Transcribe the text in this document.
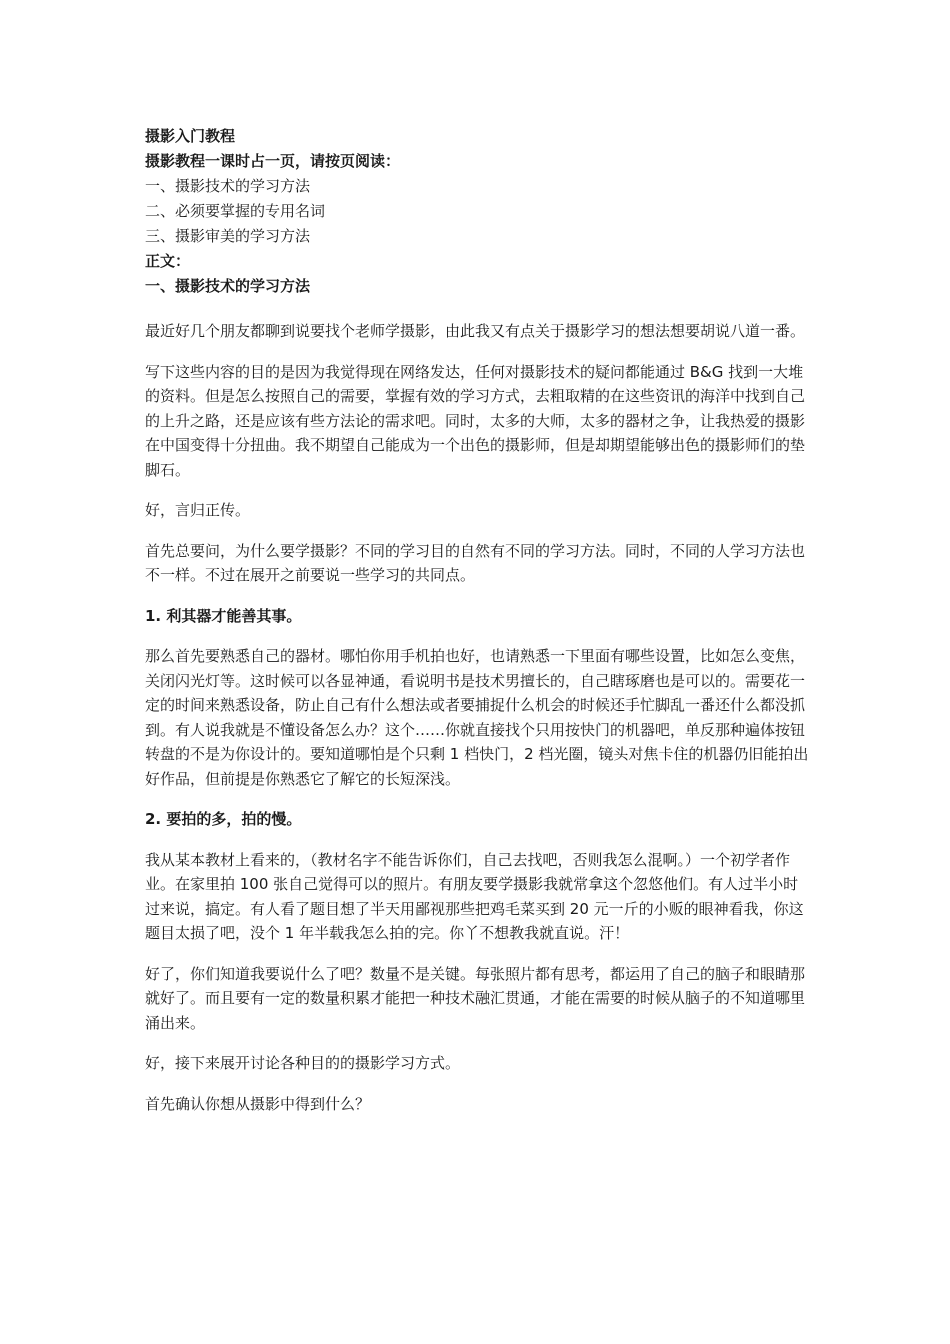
摄影入门教程

摄影教程一课时占一页，请按页阅读：

一、摄影技术的学习方法

二、必须要掌握的专用名词

三、摄影审美的学习方法

正文：

一、摄影技术的学习方法

最近好几个朋友都聊到说要找个老师学摄影，由此我又有点关于摄影学习的想法想要胡说八道一番。

写下这些内容的目的是因为我觉得现在网络发达，任何对摄影技术的疑问都能通过 B&G 找到一大堆的资料。但是怎么按照自己的需要，掌握有效的学习方式，去粗取精的在这些资讯的海洋中找到自己的上升之路，还是应该有些方法论的需求吧。同时，太多的大师，太多的器材之争，让我热爱的摄影在中国变得十分扭曲。我不期望自己能成为一个出色的摄影师，但是却期望能够出色的摄影师们的垫脚石。

好，言归正传。

首先总要问，为什么要学摄影？不同的学习目的自然有不同的学习方法。同时，不同的人学习方法也不一样。不过在展开之前要说一些学习的共同点。

1. 利其器才能善其事。

那么首先要熟悉自己的器材。哪怕你用手机拍也好，也请熟悉一下里面有哪些设置，比如怎么变焦，关闭闪光灯等。这时候可以各显神通，看说明书是技术男擅长的，自己瞎琢磨也是可以的。需要花一定的时间来熟悉设备，防止自己有什么想法或者要捕捉什么机会的时候还手忙脚乱一番还什么都没抓到。有人说我就是不懂设备怎么办？这个……你就直接找个只用按快门的机器吧，单反那种遍体按钮转盘的不是为你设计的。要知道哪怕是个只剩 1 档快门，2 档光圈，镜头对焦卡住的机器仍旧能拍出好作品，但前提是你熟悉它了解它的长短深浅。

2. 要拍的多，拍的慢。

我从某本教材上看来的，（教材名字不能告诉你们，自己去找吧，否则我怎么混啊。）一个初学者作业。在家里拍 100 张自己觉得可以的照片。有朋友要学摄影我就常拿这个忽悠他们。有人过半小时过来说，搞定。有人看了题目想了半天用鄙视那些把鸡毛菜买到 20 元一斤的小贩的眼神看我，你这题目太损了吧，没个 1 年半载我怎么拍的完。你丫不想教我就直说。汗！

好了，你们知道我要说什么了吧？数量不是关键。每张照片都有思考，都运用了自己的脑子和眼睛那就好了。而且要有一定的数量积累才能把一种技术融汇贯通，才能在需要的时候从脑子的不知道哪里涌出来。

好，接下来展开讨论各种目的的摄影学习方式。

首先确认你想从摄影中得到什么？
